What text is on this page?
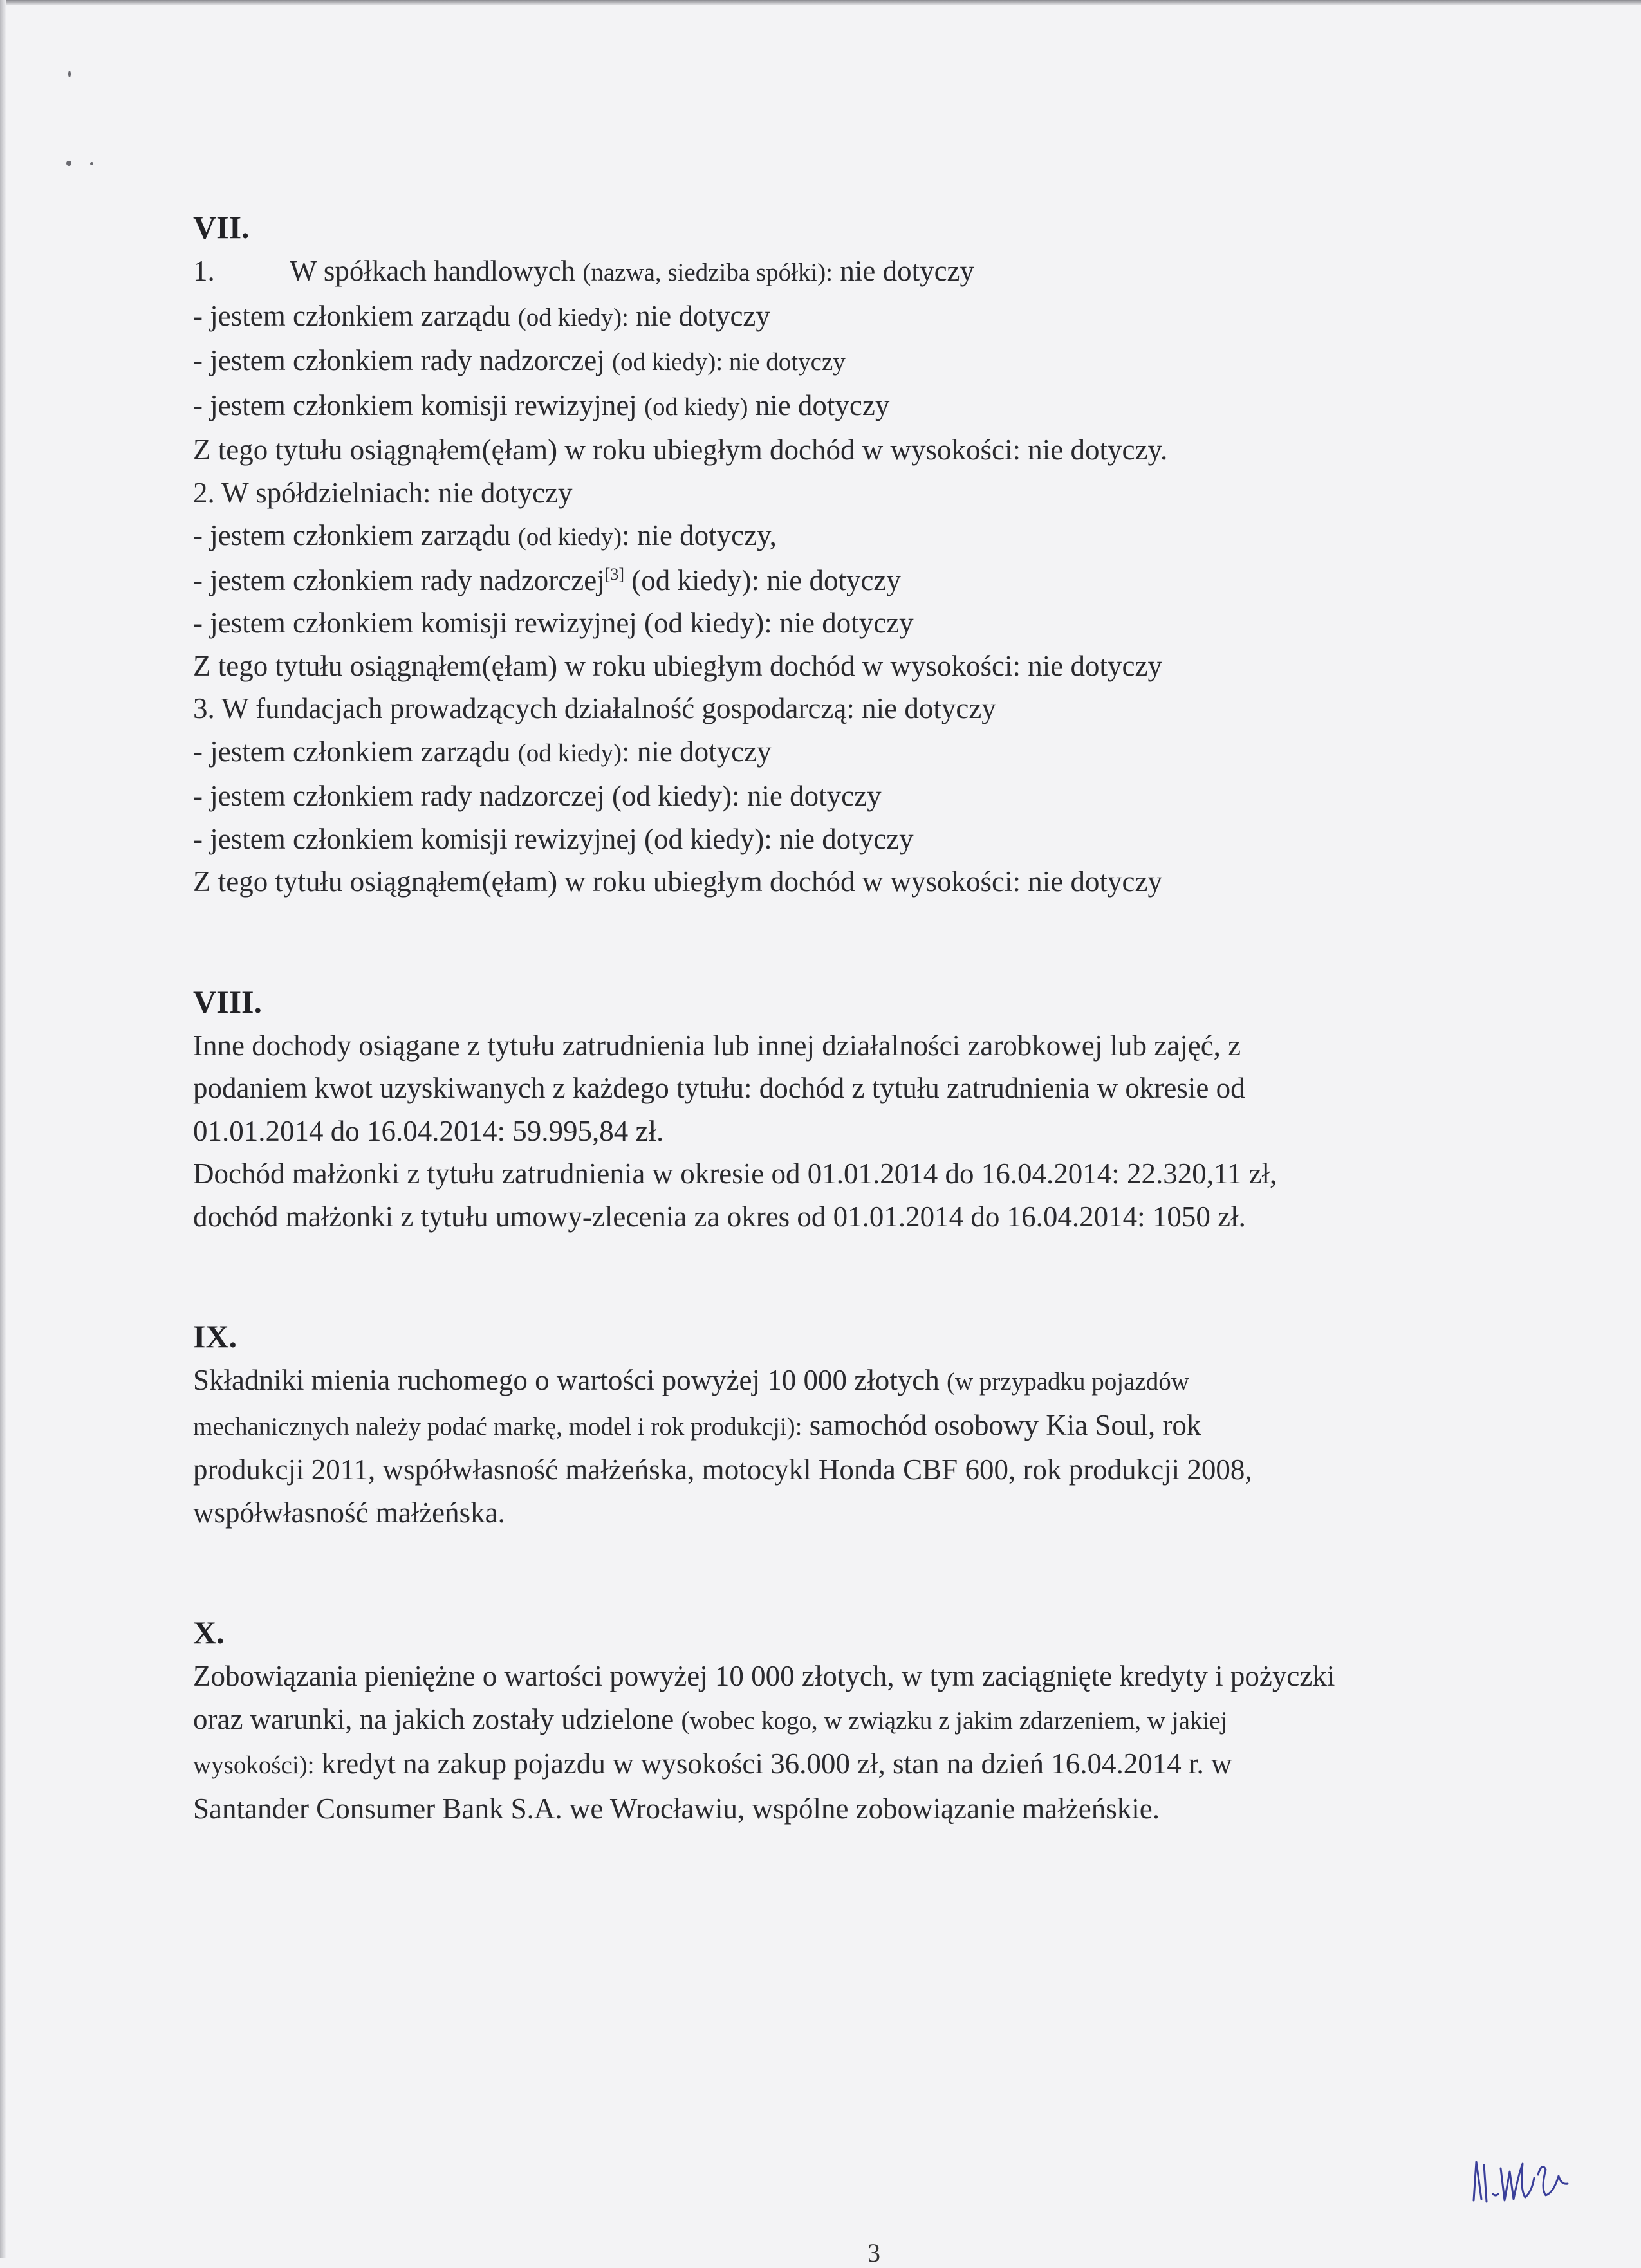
VII.

1.	W spółkach handlowych (nazwa, siedziba spółki): nie dotyczy

- jestem członkiem zarządu (od kiedy): nie dotyczy

- jestem członkiem rady nadzorczej (od kiedy): nie dotyczy

- jestem członkiem komisji rewizyjnej (od kiedy) nie dotyczy

Z tego tytułu osiągnąłem(ęłam) w roku ubiegłym dochód w wysokości: nie dotyczy.

2. W spółdzielniach: nie dotyczy

- jestem członkiem zarządu (od kiedy): nie dotyczy,

- jestem członkiem rady nadzorczej[3] (od kiedy): nie dotyczy

- jestem członkiem komisji rewizyjnej (od kiedy): nie dotyczy

Z tego tytułu osiągnąłem(ęłam) w roku ubiegłym dochód w wysokości: nie dotyczy

3. W fundacjach prowadzących działalność gospodarczą: nie dotyczy

- jestem członkiem zarządu (od kiedy): nie dotyczy

- jestem członkiem rady nadzorczej (od kiedy): nie dotyczy

- jestem członkiem komisji rewizyjnej (od kiedy): nie dotyczy

Z tego tytułu osiągnąłem(ęłam) w roku ubiegłym dochód w wysokości: nie dotyczy

VIII.

Inne dochody osiągane z tytułu zatrudnienia lub innej działalności zarobkowej lub zajęć, z

podaniem kwot uzyskiwanych z każdego tytułu: dochód z tytułu zatrudnienia w okresie od

01.01.2014 do 16.04.2014: 59.995,84 zł.

Dochód małżonki z tytułu zatrudnienia w okresie od 01.01.2014 do 16.04.2014: 22.320,11 zł,

dochód małżonki z tytułu umowy-zlecenia za okres od 01.01.2014 do 16.04.2014: 1050 zł.

IX.

Składniki mienia ruchomego o wartości powyżej 10 000 złotych (w przypadku pojazdów

mechanicznych należy podać markę, model i rok produkcji): samochód osobowy Kia Soul, rok

produkcji 2011, współwłasność małżeńska, motocykl Honda CBF 600, rok produkcji 2008,

współwłasność małżeńska.

X.

Zobowiązania pieniężne o wartości powyżej 10 000 złotych, w tym zaciągnięte kredyty i pożyczki

oraz warunki, na jakich zostały udzielone (wobec kogo, w związku z jakim zdarzeniem, w jakiej

wysokości): kredyt na zakup pojazdu w wysokości 36.000 zł, stan na dzień 16.04.2014 r. w

Santander Consumer Bank S.A. we Wrocławiu, wspólne zobowiązanie małżeńskie.

3
